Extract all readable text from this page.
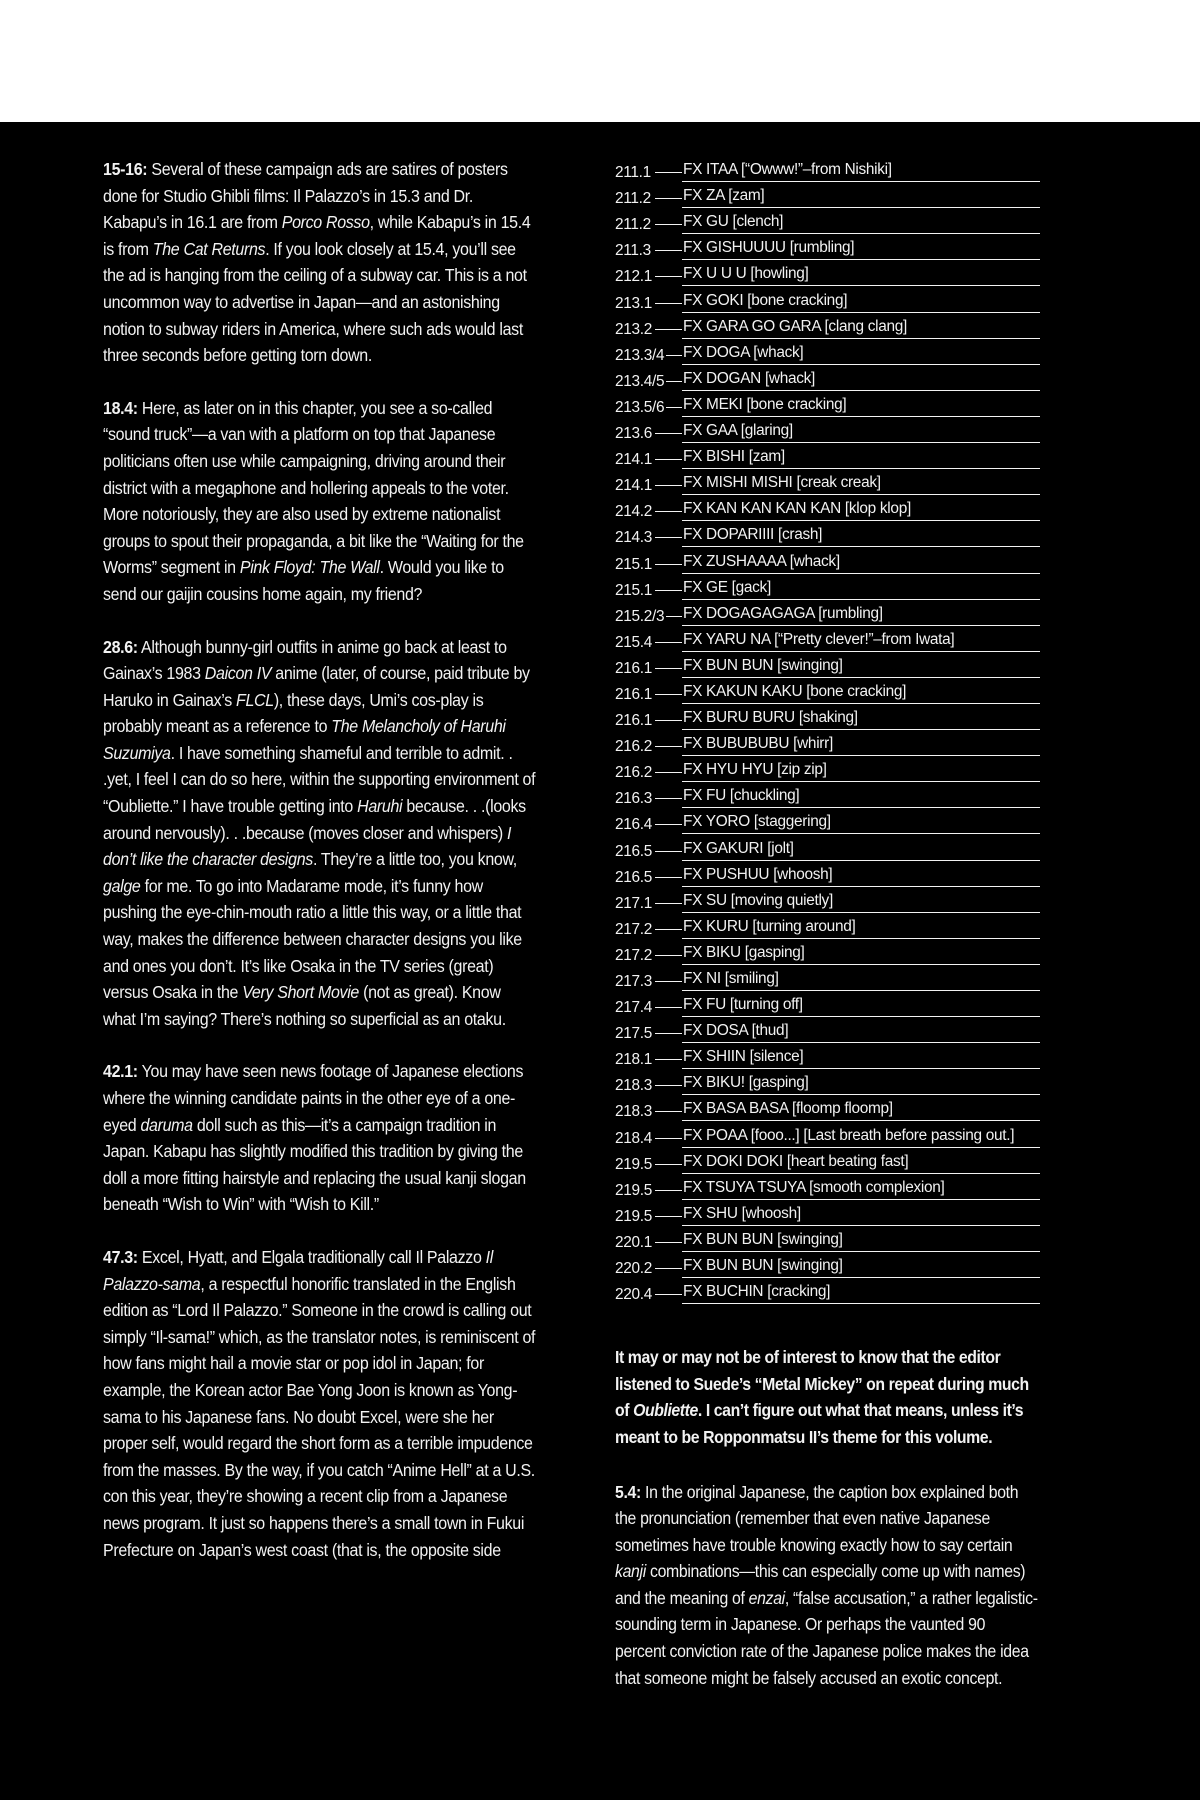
15-16: Several of these campaign ads are satires of posters done for Studio Ghibli films: Il Palazzo’s in 15.3 and Dr. Kabapu’s in 16.1 are from Porco Rosso, while Kabapu’s in 15.4 is from The Cat Returns. If you look closely at 15.4, you’ll see the ad is hanging from the ceiling of a subway car. This is a not uncommon way to advertise in Japan—and an astonishing notion to subway riders in America, where such ads would last three seconds before getting torn down.

18.4: Here, as later on in this chapter, you see a so-called “sound truck”—a van with a platform on top that Japanese politicians often use while campaigning, driving around their district with a megaphone and hollering appeals to the voter. More notoriously, they are also used by extreme nationalist groups to spout their propaganda, a bit like the “Waiting for the Worms” segment in Pink Floyd: The Wall. Would you like to send our gaijin cousins home again, my friend?

28.6: Although bunny-girl outfits in anime go back at least to Gainax’s 1983 Daicon IV anime (later, of course, paid tribute by Haruko in Gainax’s FLCL), these days, Umi’s cos-play is probably meant as a reference to The Melancholy of Haruhi Suzumiya. I have something shameful and terrible to admit. . .yet, I feel I can do so here, within the supporting environment of “Oubliette.” I have trouble getting into Haruhi because. . .(looks around nervously). . .because (moves closer and whispers) I don’t like the character designs. They’re a little too, you know, galge for me. To go into Madarame mode, it’s funny how pushing the eye-chin-mouth ratio a little this way, or a little that way, makes the difference between character designs you like and ones you don’t. It’s like Osaka in the TV series (great) versus Osaka in the Very Short Movie (not as great). Know what I’m saying? There’s nothing so superficial as an otaku.

42.1: You may have seen news footage of Japanese elections where the winning candidate paints in the other eye of a one-eyed daruma doll such as this—it’s a campaign tradition in Japan. Kabapu has slightly modified this tradition by giving the doll a more fitting hairstyle and replacing the usual kanji slogan beneath “Wish to Win” with “Wish to Kill.”

47.3: Excel, Hyatt, and Elgala traditionally call Il Palazzo Il Palazzo-sama, a respectful honorific translated in the English edition as “Lord Il Palazzo.” Someone in the crowd is calling out simply “Il-sama!” which, as the translator notes, is reminiscent of how fans might hail a movie star or pop idol in Japan; for example, the Korean actor Bae Yong Joon is known as Yong-sama to his Japanese fans. No doubt Excel, were she her proper self, would regard the short form as a terrible impudence from the masses. By the way, if you catch “Anime Hell” at a U.S. con this year, they’re showing a recent clip from a Japanese news program. It just so happens there’s a small town in Fukui Prefecture on Japan’s west coast (that is, the opposite side

211.1 FX ITAA [“Owww!”–from Nishiki]
211.2 FX ZA [zam]
211.2 FX GU [clench]
211.3 FX GISHUUUU [rumbling]
212.1 FX U U U [howling]
213.1 FX GOKI [bone cracking]
213.2 FX GARA GO GARA [clang clang]
213.3/4 FX DOGA [whack]
213.4/5 FX DOGAN [whack]
213.5/6 FX MEKI [bone cracking]
213.6 FX GAA [glaring]
214.1 FX BISHI [zam]
214.1 FX MISHI MISHI [creak creak]
214.2 FX KAN KAN KAN KAN [klop klop]
214.3 FX DOPARIIII [crash]
215.1 FX ZUSHAAAA [whack]
215.1 FX GE [gack]
215.2/3 FX DOGAGAGAGA [rumbling]
215.4 FX YARU NA [“Pretty clever!”–from Iwata]
216.1 FX BUN BUN [swinging]
216.1 FX KAKUN KAKU [bone cracking]
216.1 FX BURU BURU [shaking]
216.2 FX BUBUBUBU [whirr]
216.2 FX HYU HYU [zip zip]
216.3 FX FU [chuckling]
216.4 FX YORO [staggering]
216.5 FX GAKURI [jolt]
216.5 FX PUSHUU [whoosh]
217.1 FX SU [moving quietly]
217.2 FX KURU [turning around]
217.2 FX BIKU [gasping]
217.3 FX NI [smiling]
217.4 FX FU [turning off]
217.5 FX DOSA [thud]
218.1 FX SHIIN [silence]
218.3 FX BIKU! [gasping]
218.3 FX BASA BASA [floomp floomp]
218.4 FX POAA [fooo...] [Last breath before passing out.]
219.5 FX DOKI DOKI [heart beating fast]
219.5 FX TSUYA TSUYA [smooth complexion]
219.5 FX SHU [whoosh]
220.1 FX BUN BUN [swinging]
220.2 FX BUN BUN [swinging]
220.4 FX BUCHIN [cracking]

It may or may not be of interest to know that the editor listened to Suede’s “Metal Mickey” on repeat during much of Oubliette. I can’t figure out what that means, unless it’s meant to be Ropponmatsu II’s theme for this volume.

5.4: In the original Japanese, the caption box explained both the pronunciation (remember that even native Japanese sometimes have trouble knowing exactly how to say certain kanji combinations—this can especially come up with names) and the meaning of enzai, “false accusation,” a rather legalistic-sounding term in Japanese. Or perhaps the vaunted 90 percent conviction rate of the Japanese police makes the idea that someone might be falsely accused an exotic concept.
